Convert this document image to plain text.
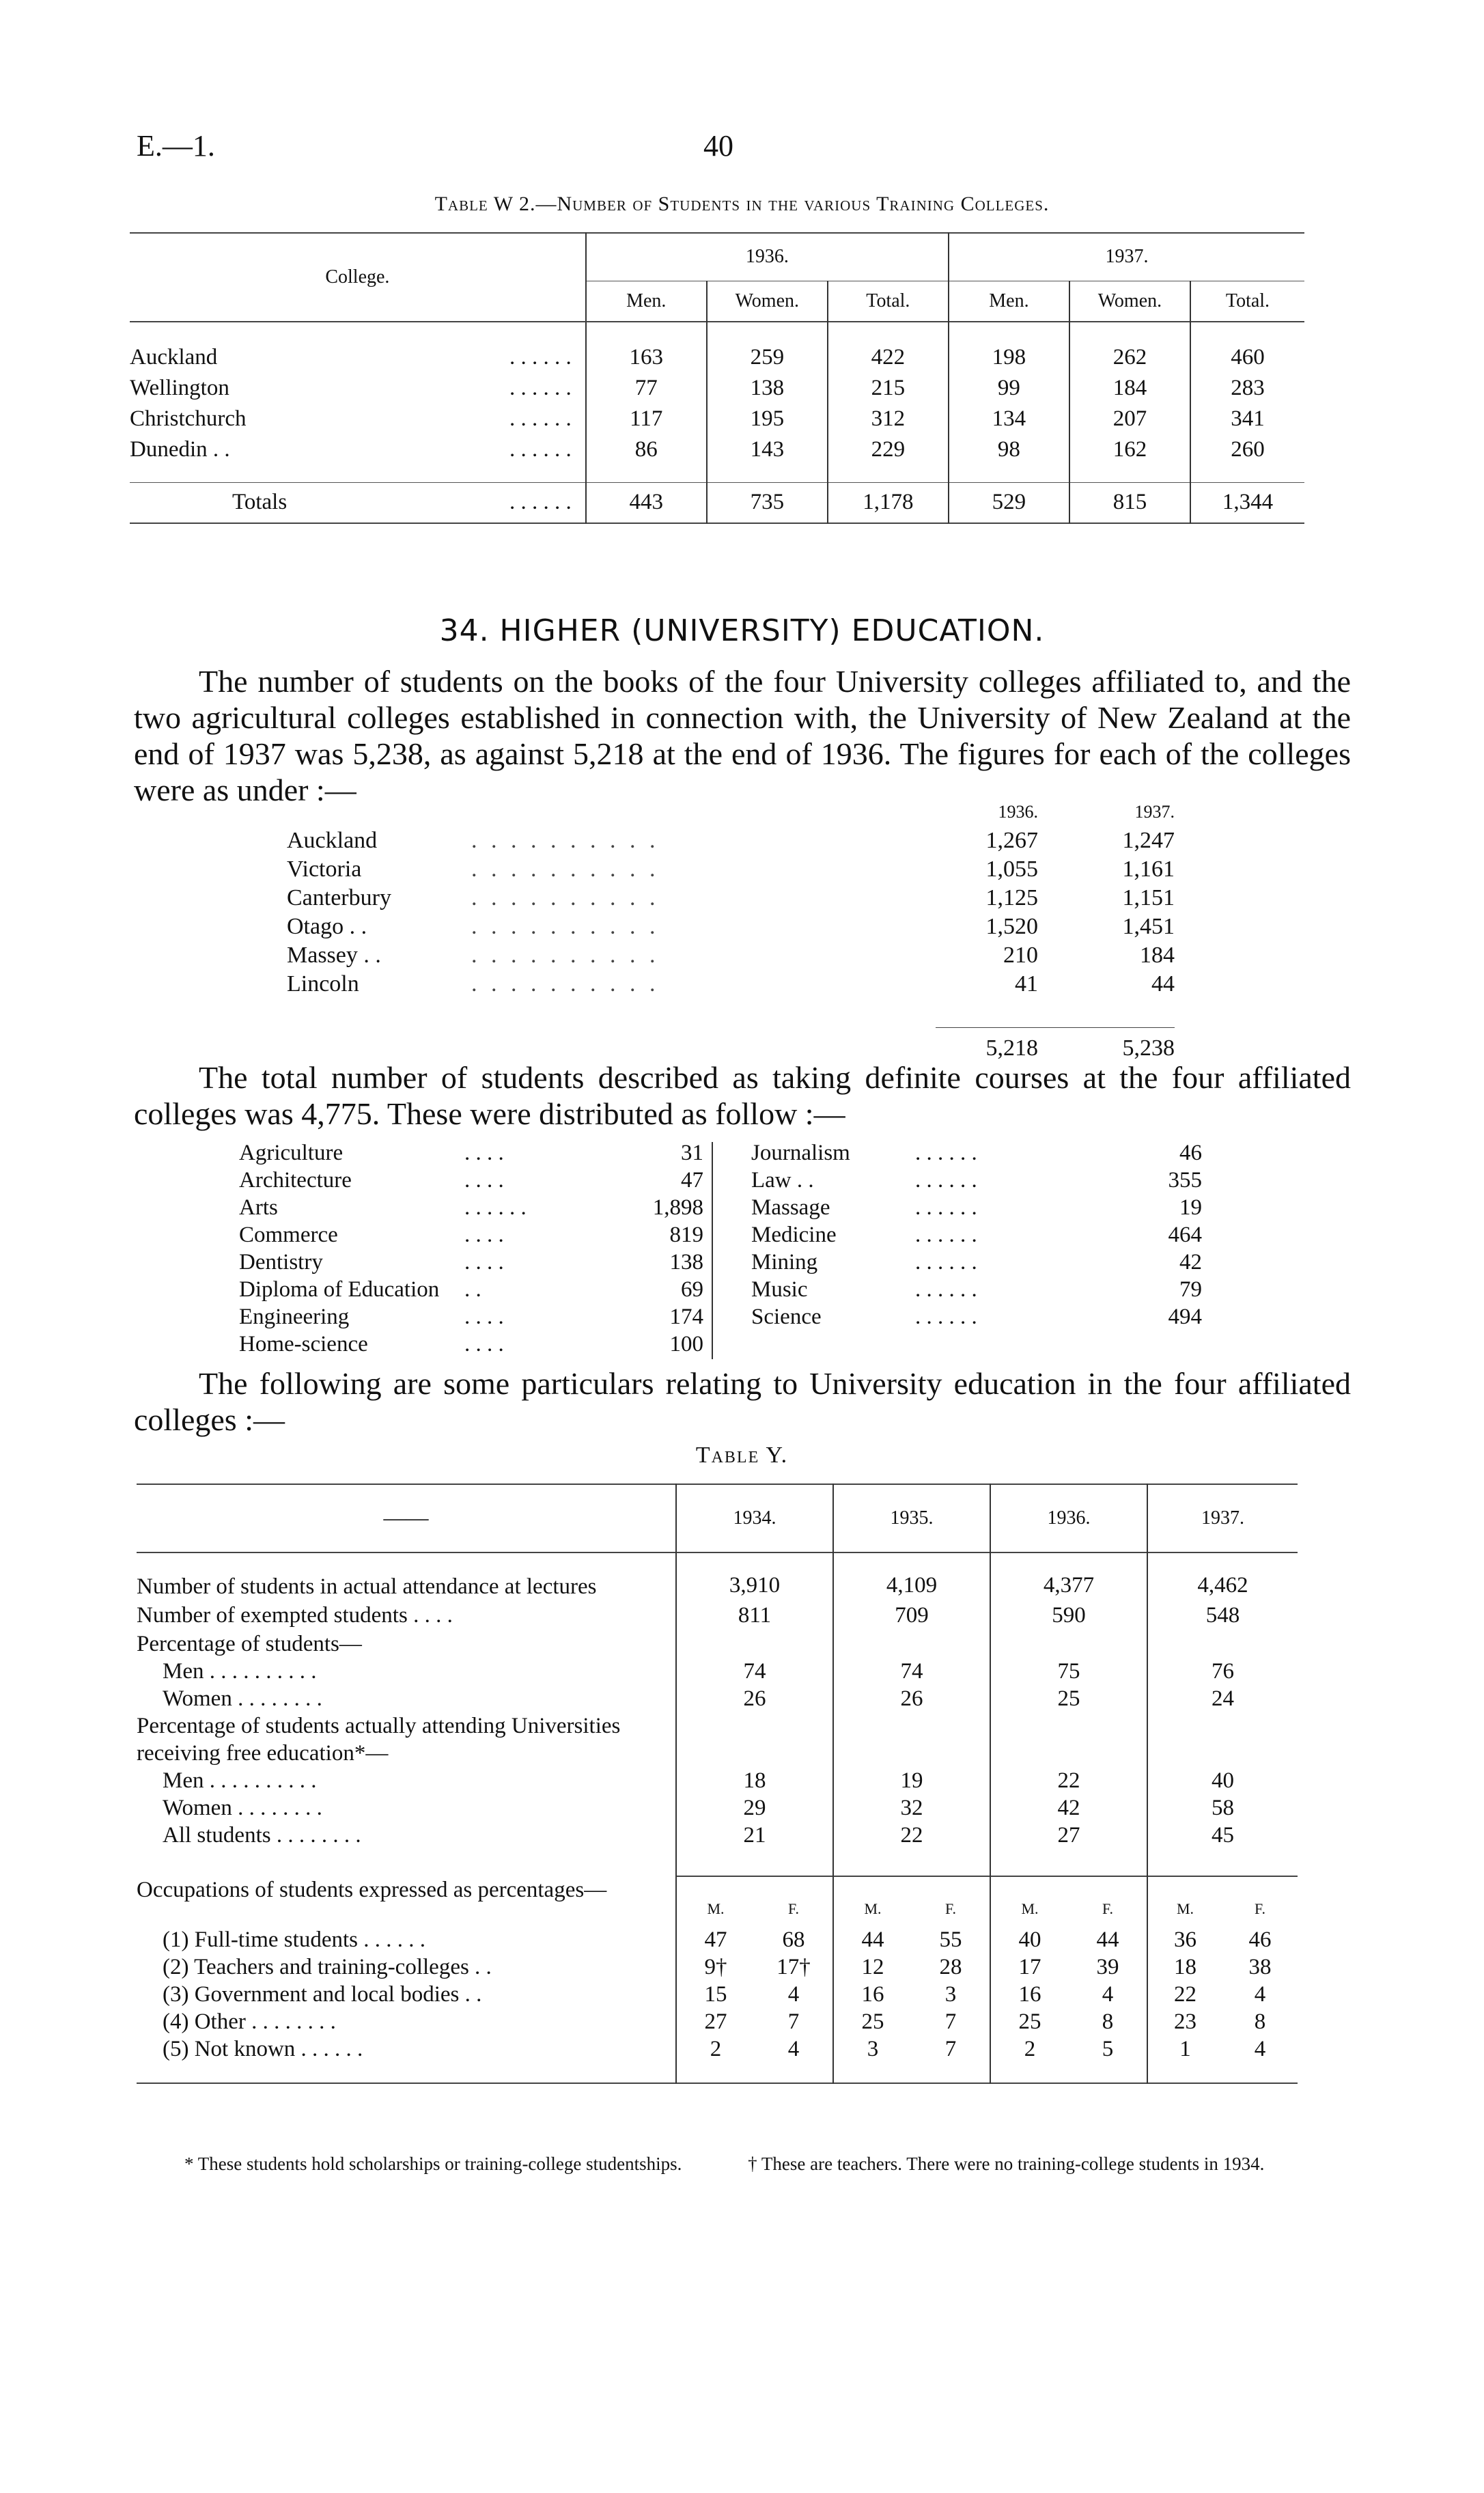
E.—1.	40
Table W 2.—Number of Students in the various Training Colleges.
College.	1936.			1937.		
	Men.	Women.	Total.	Men.	Women.	Total.

Auckland . . . . . .	163	259	422	198	262	460
Wellington . . . . . .	77	138	215	99	184	283
Christchurch . . . . . .	117	195	312	134	207	341
Dunedin . . . . . . . .	86	143	229	98	162	260

Totals . . . . . .	443	735	1,178	529	815	1,344
34. HIGHER (UNIVERSITY) EDUCATION.
The number of students on the books of the four University colleges affiliated to, and the two agricultural colleges established in connection with, the University of New Zealand at the end of 1937 was 5,238, as against 5,218 at the end of 1936. The figures for each of the colleges were as under :—
		1936.	1937.
Auckland	. . . . . . . . . .	1,267	1,247
Victoria	. . . . . . . . . .	1,055	1,161
Canterbury	. . . . . . . . . .	1,125	1,151
Otago . .	. . . . . . . . . .	1,520	1,451
Massey . .	. . . . . . . . . .	210	184
Lincoln	. . . . . . . . . .	41	44

		5,218	5,238
The total number of students described as taking definite courses at the four affiliated colleges was 4,775. These were distributed as follow :—
Agriculture	. . . .	31
Architecture	. . . .	47
Arts	. . . . . .	1,898
Commerce	. . . .	819
Dentistry	. . . .	138
Diploma of Education	. .	69
Engineering	. . . .	174
Home-science	. . . .	100
Journalism	. . . . . .	46
Law . .	. . . . . .	355
Massage	. . . . . .	19
Medicine	. . . . . .	464
Mining	. . . . . .	42
Music	. . . . . .	79
Science	. . . . . .	494
The following are some particulars relating to University education in the four affiliated colleges :—
Table Y.
——	1934.		1935.		1936.		1937.	

Number of students in actual attendance at lectures	3,910		4,109		4,377		4,462	
Number of exempted students . . . .	811		709		590		548	
Percentage of students—								
Men . . . . . . . . . .	74		74		75		76	
Women . . . . . . . .	26		26		25		24	
Percentage of students actually attending Universities receiving free education*—								
Men . . . . . . . . . .	18		19		22		40	
Women . . . . . . . .	29		32		42		58	
All students . . . . . . . .	21		22		27		45	

Occupations of students expressed as percentages—								
	M.	F.	M.	F.	M.	F.	M.	F.
(1) Full-time students . . . . . .	47	68	44	55	40	44	36	46
(2) Teachers and training-colleges . .	9†	17†	12	28	17	39	18	38
(3) Government and local bodies . .	15	4	16	3	16	4	22	4
(4) Other . . . . . . . .	27	7	25	7	25	8	23	8
(5) Not known . . . . . .	2	4	3	7	2	5	1	4

* These students hold scholarships or training-college studentships.	† These are teachers. There were no training-college students in 1934.
